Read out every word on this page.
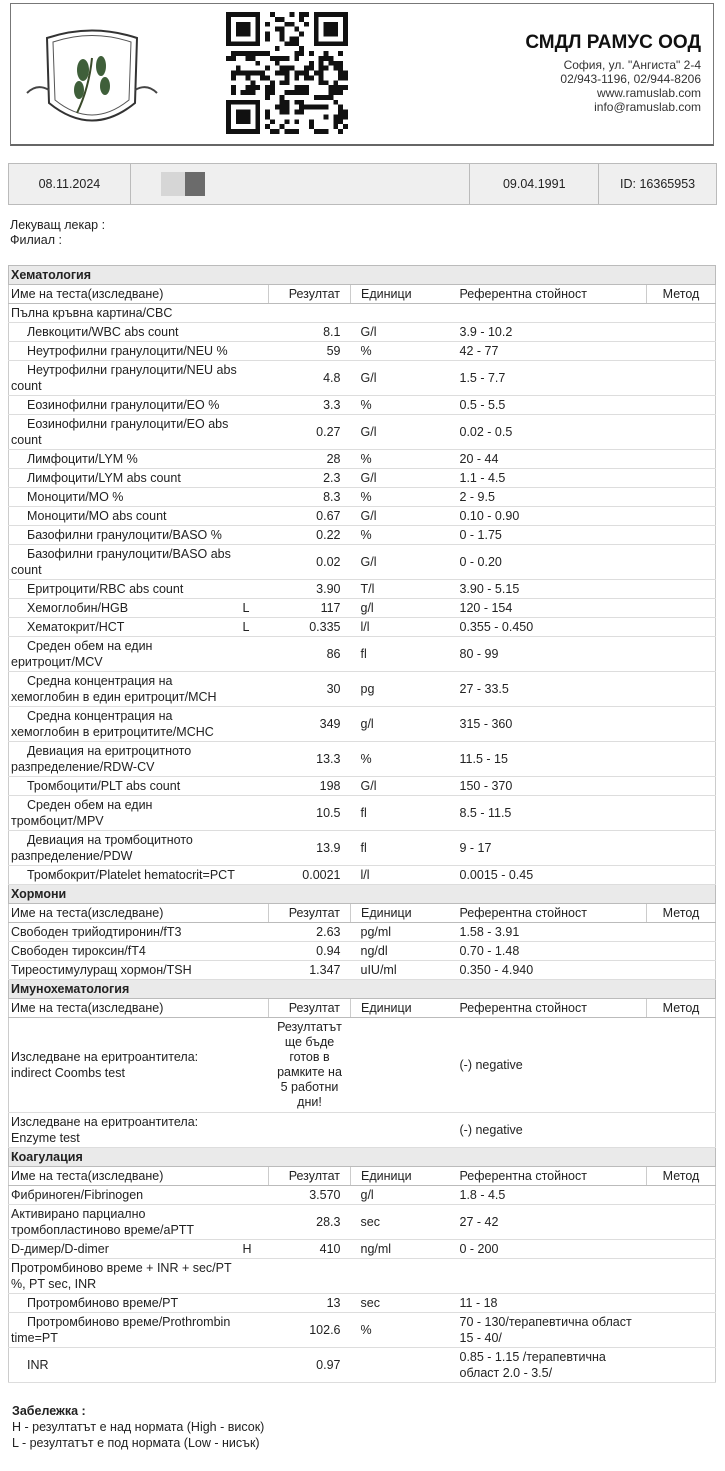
СМДЛ РАМУС ООД
София, ул. "Ангиста" 2-4
02/943-1196, 02/944-8206
www.ramuslab.com
info@ramuslab.com
08.11.2024	09.04.1991	ID: 16365953
Лекуващ лекар :
Филиал :
Хематология					
Име на теста(изследване)		Резултат	Единици	Референтна стойност	Метод
Пълна кръвна картина/CBC					
Левкоцити/WBC abs count		8.1	G/l	3.9 - 10.2	
Неутрофилни гранулоцити/NEU %		59	%	42 - 77	
Неутрофилни гранулоцити/NEU abs count		4.8	G/l	1.5 - 7.7	
Еозинофилни гранулоцити/EO %		3.3	%	0.5 - 5.5	
Еозинофилни гранулоцити/EO abs count		0.27	G/l	0.02 - 0.5	
Лимфоцити/LYM %		28	%	20 - 44	
Лимфоцити/LYM abs count		2.3	G/l	1.1 - 4.5	
Моноцити/MO %		8.3	%	2 - 9.5	
Моноцити/MO abs count		0.67	G/l	0.10 - 0.90	
Базофилни гранулоцити/BASO %		0.22	%	0 - 1.75	
Базофилни гранулоцити/BASO abs count		0.02	G/l	0 - 0.20	
Еритроцити/RBC abs count		3.90	T/l	3.90 - 5.15	
Хемоглобин/HGB	L	117	g/l	120 - 154	
Хематокрит/HCT	L	0.335	l/l	0.355 - 0.450	
Среден обем на един еритроцит/MCV		86	fl	80 - 99	
Средна концентрация на хемоглобин в един еритроцит/MCH		30	pg	27 - 33.5	
Средна концентрация на хемоглобин в еритроцитите/MCHC		349	g/l	315 - 360	
Девиация на еритроцитното разпределение/RDW-CV		13.3	%	11.5 - 15	
Тромбоцити/PLT abs count		198	G/l	150 - 370	
Среден обем на един тромбоцит/MPV		10.5	fl	8.5 - 11.5	
Девиация на тромбоцитното разпределение/PDW		13.9	fl	9 - 17	
Тромбокрит/Platelet hematocrit=PCT		0.0021	l/l	0.0015 - 0.45	
Хормони					
Име на теста(изследване)		Резултат	Единици	Референтна стойност	Метод
Свободен трийодтиронин/fT3		2.63	pg/ml	1.58 - 3.91	
Свободен тироксин/fT4		0.94	ng/dl	0.70 - 1.48	
Тиреостимулуращ хормон/TSH		1.347	uIU/ml	0.350 - 4.940	
Имунохематология					
Име на теста(изследване)		Резултат	Единици	Референтна стойност	Метод
Изследване на еритроантитела: indirect Coombs test		Резултатът ще бъде готов в рамките на 5 работни дни!		(-) negative	
Изследване на еритроантитела: Enzyme test				(-) negative	
Коагулация					
Име на теста(изследване)		Резултат	Единици	Референтна стойност	Метод
Фибриноген/Fibrinogen		3.570	g/l	1.8 - 4.5	
Активирано парциално тромбопластиново време/aPTT		28.3	sec	27 - 42	
D-димер/D-dimer	H	410	ng/ml	0 - 200	
Протромбиново време + INR + sec/PT %, PT sec, INR					
Протромбиново време/PT		13	sec	11 - 18	
Протромбиново време/Prothrombin time=PT		102.6	%	70 - 130/терапевтична област 15 - 40/	
INR		0.97		0.85 - 1.15 /терапевтична област 2.0 - 3.5/	
Забележка :
H - резултатът е над нормата (High - висок)
L - резултатът е под нормата (Low - нисък)
